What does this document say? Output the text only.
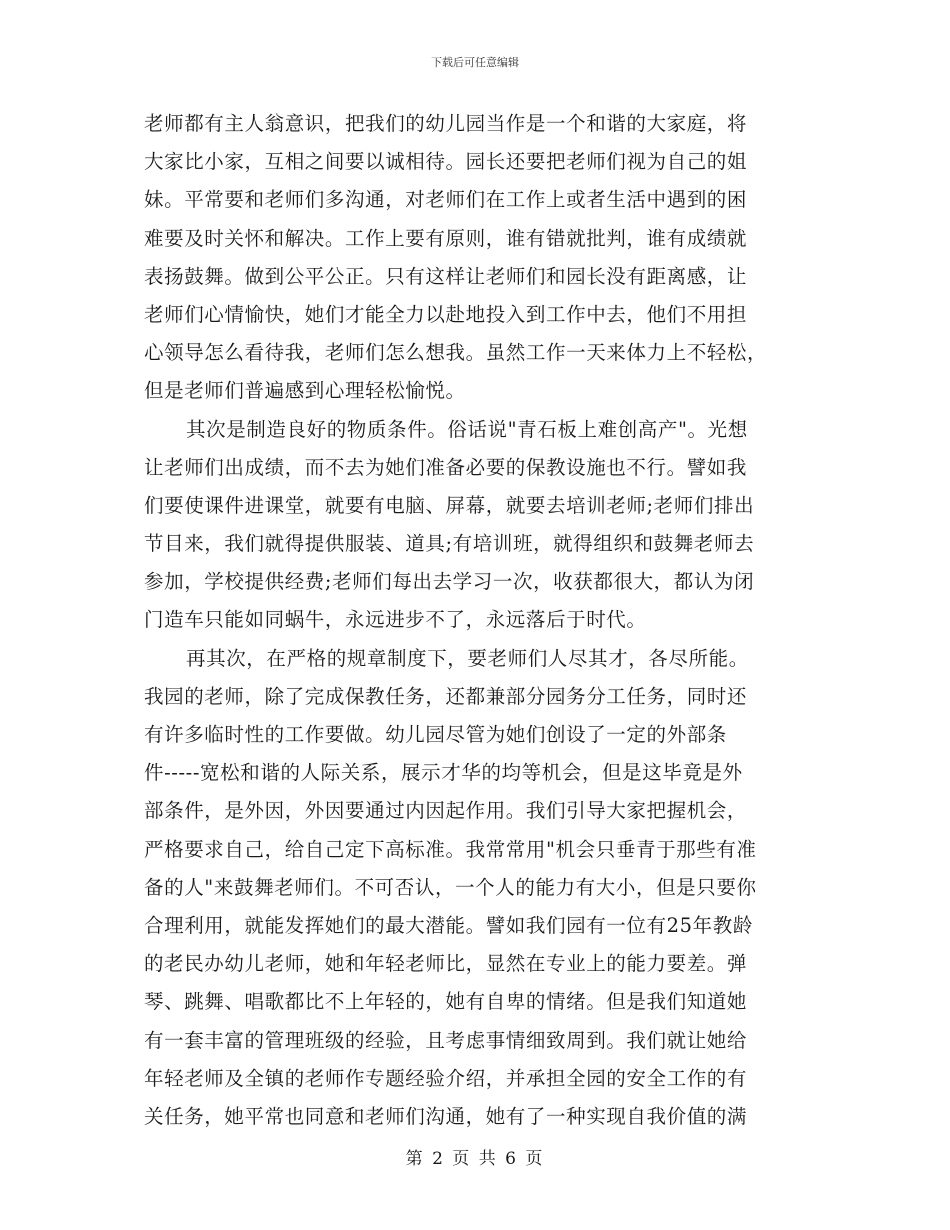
下载后可任意编辑
老师都有主人翁意识，把我们的幼儿园当作是一个和谐的大家庭，将
大家比小家，互相之间要以诚相待。园长还要把老师们视为自己的姐
妹。平常要和老师们多沟通，对老师们在工作上或者生活中遇到的困
难要及时关怀和解决。工作上要有原则，谁有错就批判，谁有成绩就
表扬鼓舞。做到公平公正。只有这样让老师们和园长没有距离感，让
老师们心情愉快，她们才能全力以赴地投入到工作中去，他们不用担
心领导怎么看待我，老师们怎么想我。虽然工作一天来体力上不轻松，
但是老师们普遍感到心理轻松愉悦。
其次是制造良好的物质条件。俗话说"青石板上难创高产"。光想
让老师们出成绩，而不去为她们准备必要的保教设施也不行。譬如我
们要使课件进课堂，就要有电脑、屏幕，就要去培训老师;老师们排出
节目来，我们就得提供服装、道具;有培训班，就得组织和鼓舞老师去
参加，学校提供经费;老师们每出去学习一次，收获都很大，都认为闭
门造车只能如同蜗牛，永远进步不了，永远落后于时代。
再其次，在严格的规章制度下，要老师们人尽其才，各尽所能。
我园的老师，除了完成保教任务，还都兼部分园务分工任务，同时还
有许多临时性的工作要做。幼儿园尽管为她们创设了一定的外部条
件-----宽松和谐的人际关系，展示才华的均等机会，但是这毕竟是外
部条件，是外因，外因要通过内因起作用。我们引导大家把握机会，
严格要求自己，给自己定下高标准。我常常用"机会只垂青于那些有准
备的人"来鼓舞老师们。不可否认，一个人的能力有大小，但是只要你
合理利用，就能发挥她们的最大潜能。譬如我们园有一位有25年教龄
的老民办幼儿老师，她和年轻老师比，显然在专业上的能力要差。弹
琴、跳舞、唱歌都比不上年轻的，她有自卑的情绪。但是我们知道她
有一套丰富的管理班级的经验，且考虑事情细致周到。我们就让她给
年轻老师及全镇的老师作专题经验介绍，并承担全园的安全工作的有
关任务，她平常也同意和老师们沟通，她有了一种实现自我价值的满
第 2 页 共 6 页
